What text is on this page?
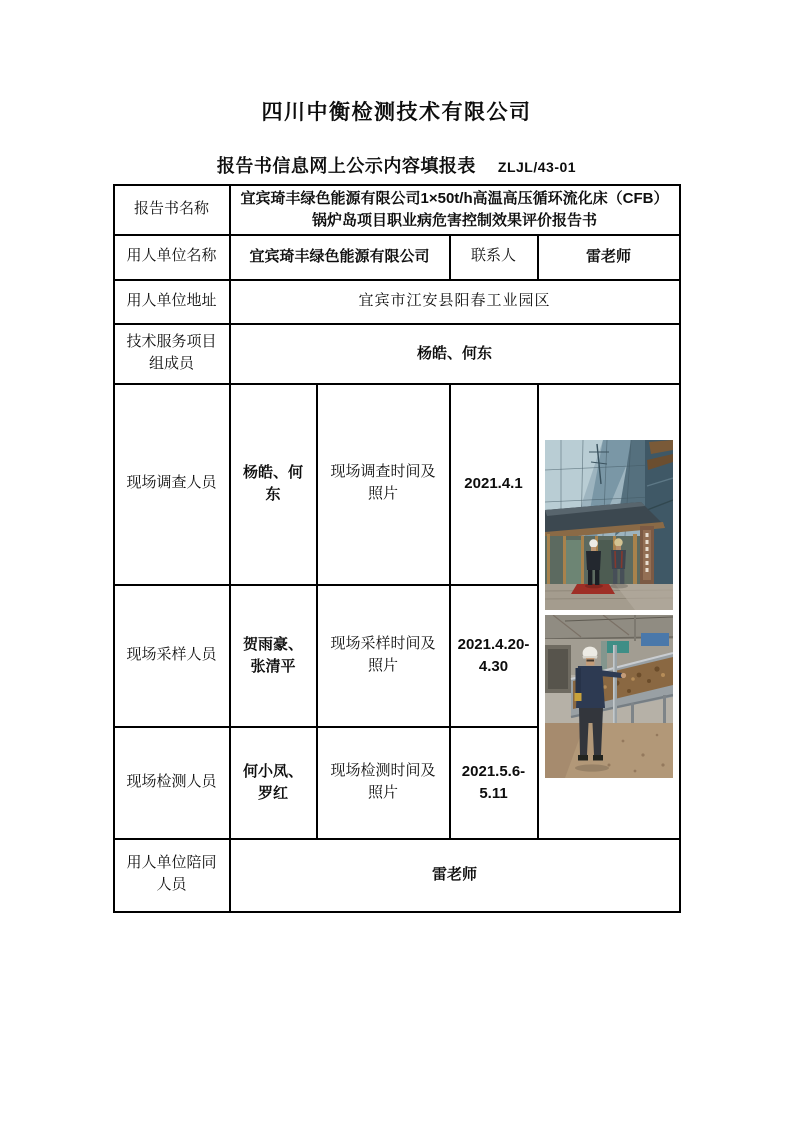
四川中衡检测技术有限公司
报告书信息网上公示内容填报表 ZLJL/43-01
报告书名称	宜宾琦丰绿色能源有限公司1×50t/h高温高压循环流化床（CFB）锅炉岛项目职业病危害控制效果评价报告书			
用人单位名称	宜宾琦丰绿色能源有限公司		联系人	雷老师
用人单位地址	宜宾市江安县阳春工业园区			
技术服务项目组成员	杨皓、何东			
现场调查人员	杨皓、何东	现场调查时间及照片	2021.4.1	

现场采样人员	贺雨豪、张清平	现场采样时间及照片	2021.4.20-4.30	
现场检测人员	何小凤、罗红	现场检测时间及照片	2021.5.6-5.11	
用人单位陪同人员	雷老师			
